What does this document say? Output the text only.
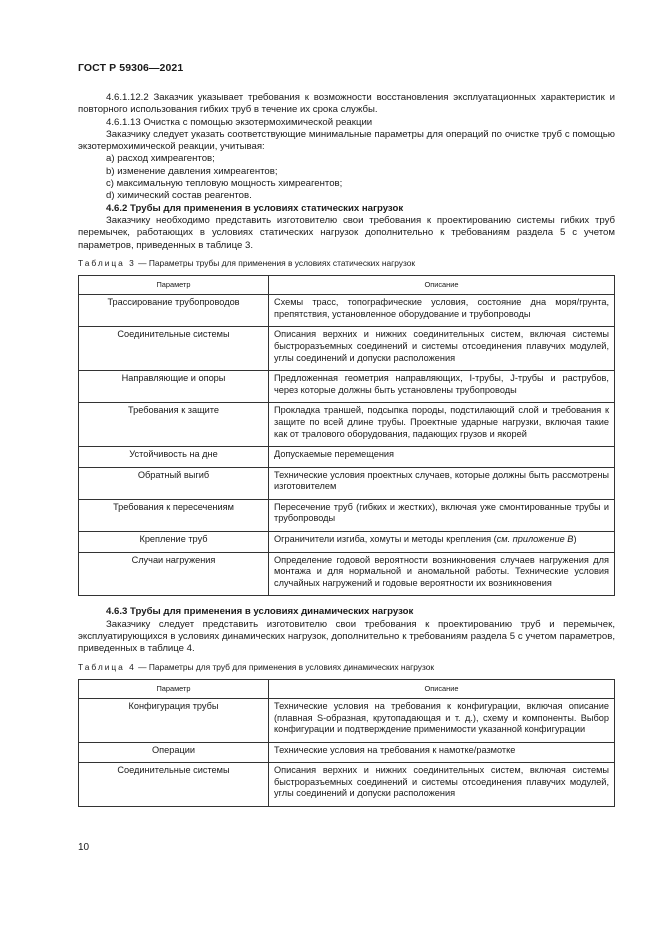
ГОСТ Р 59306—2021

4.6.1.12.2 Заказчик указывает требования к возможности восстановления эксплуатационных характеристик и повторного использования гибких труб в течение их срока службы.

4.6.1.13 Очистка с помощью экзотермохимической реакции

Заказчику следует указать соответствующие минимальные параметры для операций по очистке труб с помощью экзотермохимической реакции, учитывая:

a) расход химреагентов;

b) изменение давления химреагентов;

c) максимальную тепловую мощность химреагентов;

d) химический состав реагентов.

4.6.2 Трубы для применения в условиях статических нагрузок

Заказчику необходимо представить изготовителю свои требования к проектированию системы гибких труб перемычек, работающих в условиях статических нагрузок дополнительно к требованиям раздела 5 с учетом параметров, приведенных в таблице 3.

Таблица 3 — Параметры трубы для применения в условиях статических нагрузок
Параметр	Описание
Трассирование трубопроводов	Схемы трасс, топографические условия, состояние дна моря/грунта, препятствия, установленное оборудование и трубопроводы
Соединительные системы	Описания верхних и нижних соединительных систем, включая системы быстроразъемных соединений и системы отсоединения плавучих модулей, углы соединений и допуски расположения
Направляющие и опоры	Предложенная геометрия направляющих, I-трубы, J-трубы и раструбов, через которые должны быть установлены трубопроводы
Требования к защите	Прокладка траншей, подсыпка породы, подстилающий слой и требования к защите по всей длине трубы. Проектные ударные нагрузки, включая такие как от тралового оборудования, падающих грузов и якорей
Устойчивость на дне	Допускаемые перемещения
Обратный выгиб	Технические условия проектных случаев, которые должны быть рассмотрены изготовителем
Требования к пересечениям	Пересечение труб (гибких и жестких), включая уже смонтированные трубы и трубопроводы
Крепление труб	Ограничители изгиба, хомуты и методы крепления (см. приложение В)
Случаи нагружения	Определение годовой вероятности возникновения случаев нагружения для монтажа и для нормальной и аномальной работы. Технические условия случайных нагружений и годовые вероятности их возникновения

4.6.3 Трубы для применения в условиях динамических нагрузок

Заказчику следует представить изготовителю свои требования к проектированию труб и перемычек, эксплуатирующихся в условиях динамических нагрузок, дополнительно к требованиям раздела 5 с учетом параметров, приведенных в таблице 4.

Таблица 4 — Параметры для труб для применения в условиях динамических нагрузок
Параметр	Описание
Конфигурация трубы	Технические условия на требования к конфигурации, включая описание (плавная S-образная, крутопадающая и т. д.), схему и компоненты. Выбор конфигурации и подтверждение применимости указанной конфигурации
Операции	Технические условия на требования к намотке/размотке
Соединительные системы	Описания верхних и нижних соединительных систем, включая системы быстроразъемных соединений и системы отсоединения плавучих модулей, углы соединений и допуски расположения
10
